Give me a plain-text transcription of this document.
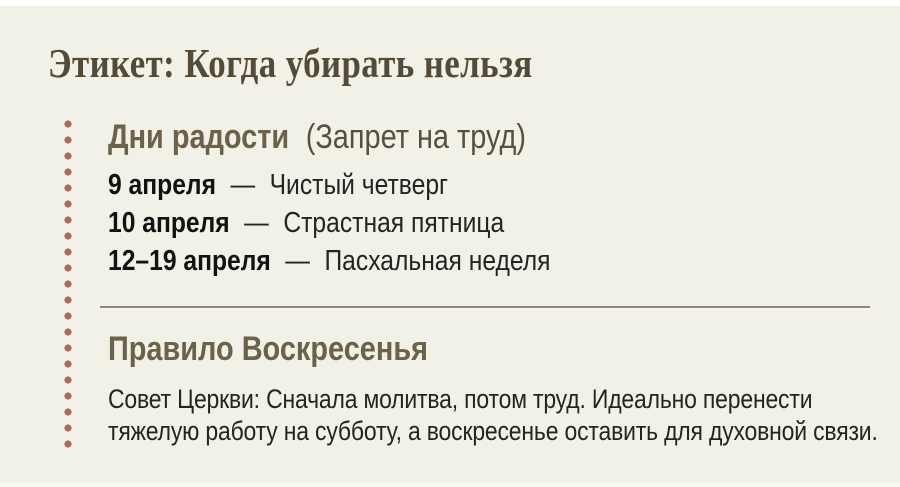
Этикет: Когда убирать нельзя
Дни радости (Запрет на труд)
9 апреля — Чистый четверг
10 апреля — Страстная пятница
12–19 апреля — Пасхальная неделя
Правило Воскресенья
Совет Церкви: Сначала молитва, потом труд. Идеально перенести
тяжелую работу на субботу, а воскресенье оставить для духовной связи.
